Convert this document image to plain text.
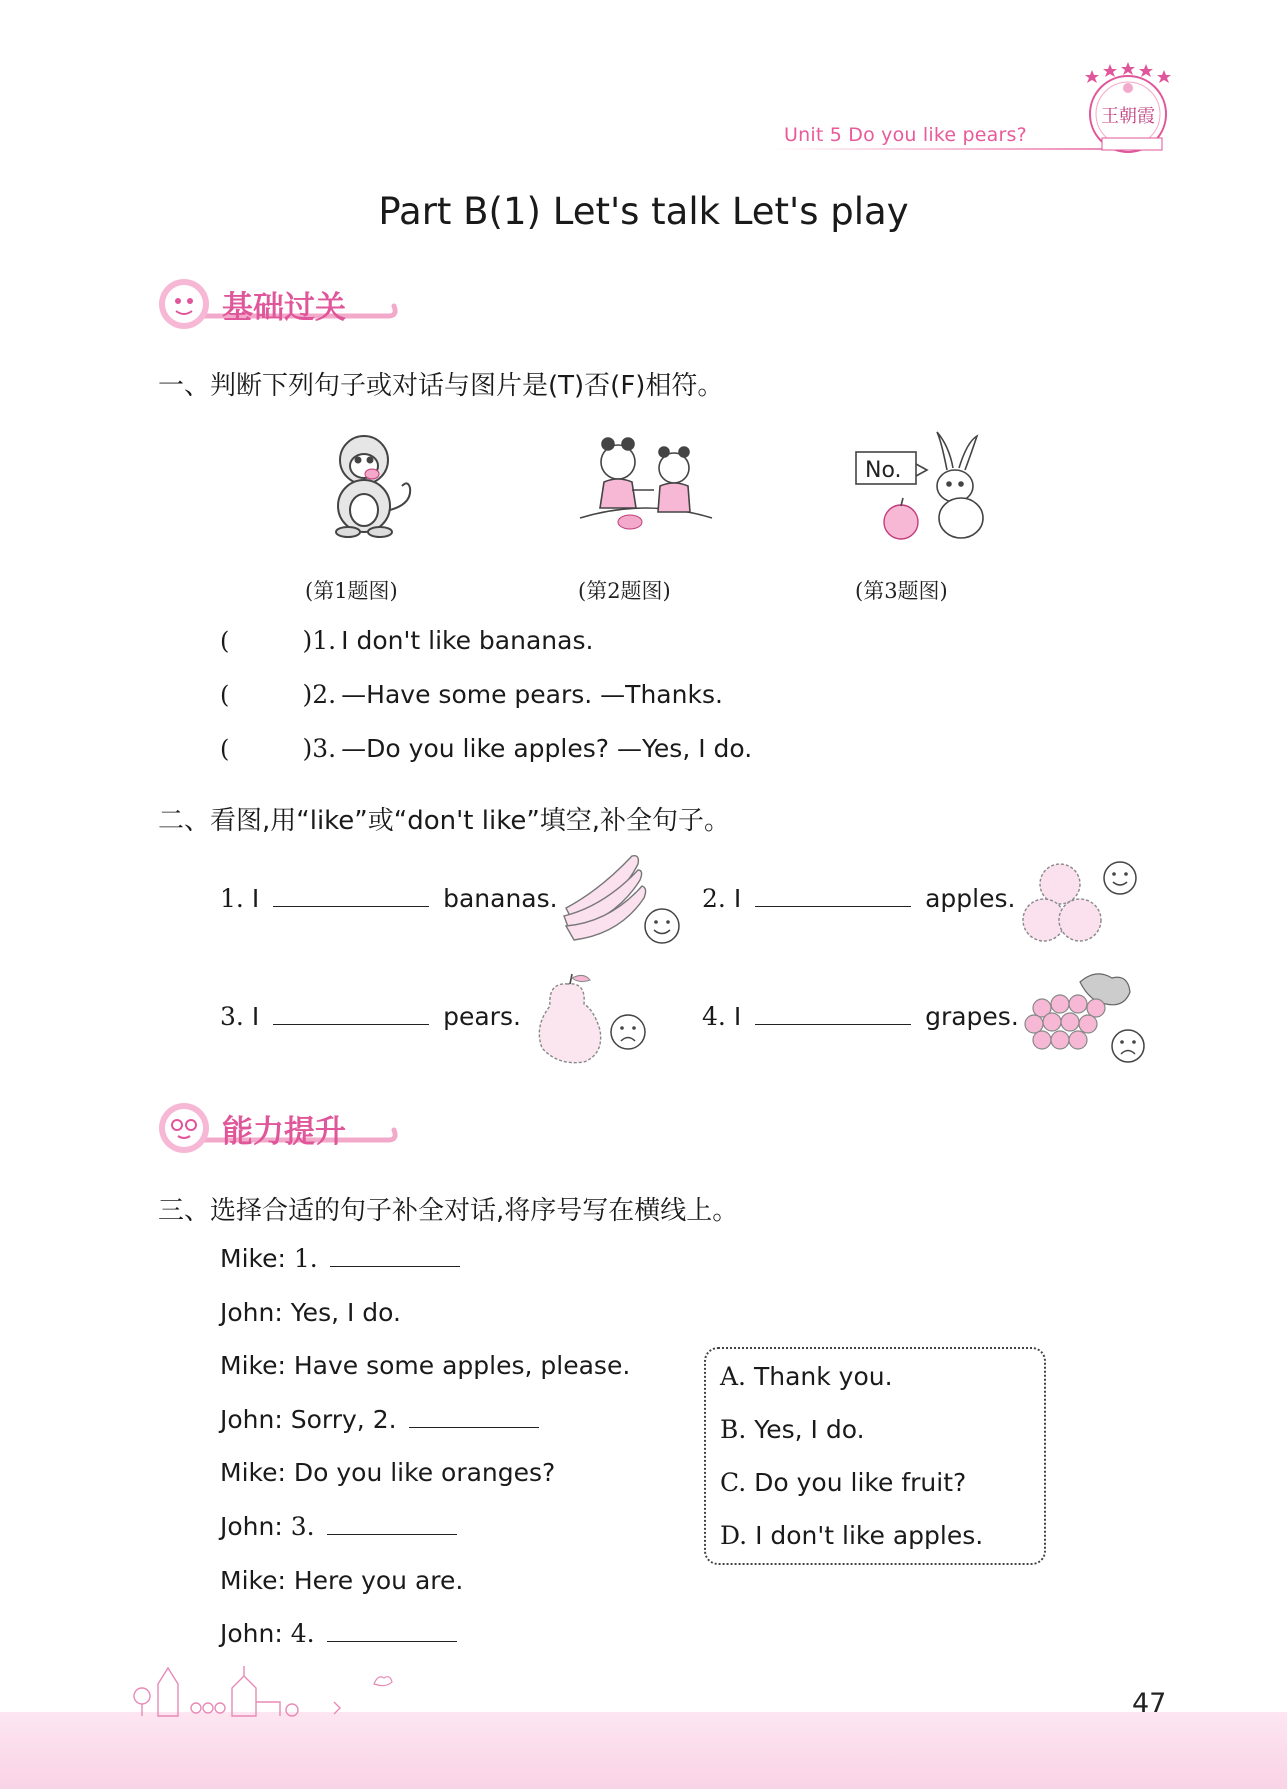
Unit 5 Do you like pears?
王朝霞
Part B(1) Let's talk Let's play
基础过关
一、判断下列句子或对话与图片是(T)否(F)相符。
No.
(第1题图)	(第2题图)	(第3题图)
(	)1. I don't like bananas.
(	)2. —Have some pears. —Thanks.
(	)3. —Do you like apples? —Yes, I do.
二、看图,用“like”或“don't like”填空,补全句子。
1. I	bananas.	2. I	apples.
3. I	pears.	4. I	grapes.
能力提升
三、选择合适的句子补全对话,将序号写在横线上。
Mike: 1.
John: Yes, I do.
Mike: Have some apples, please.
John: Sorry, 2.
Mike: Do you like oranges?
John: 3.
Mike: Here you are.
John: 4.
A. Thank you.
B. Yes, I do.
C. Do you like fruit?
D. I don't like apples.
47
